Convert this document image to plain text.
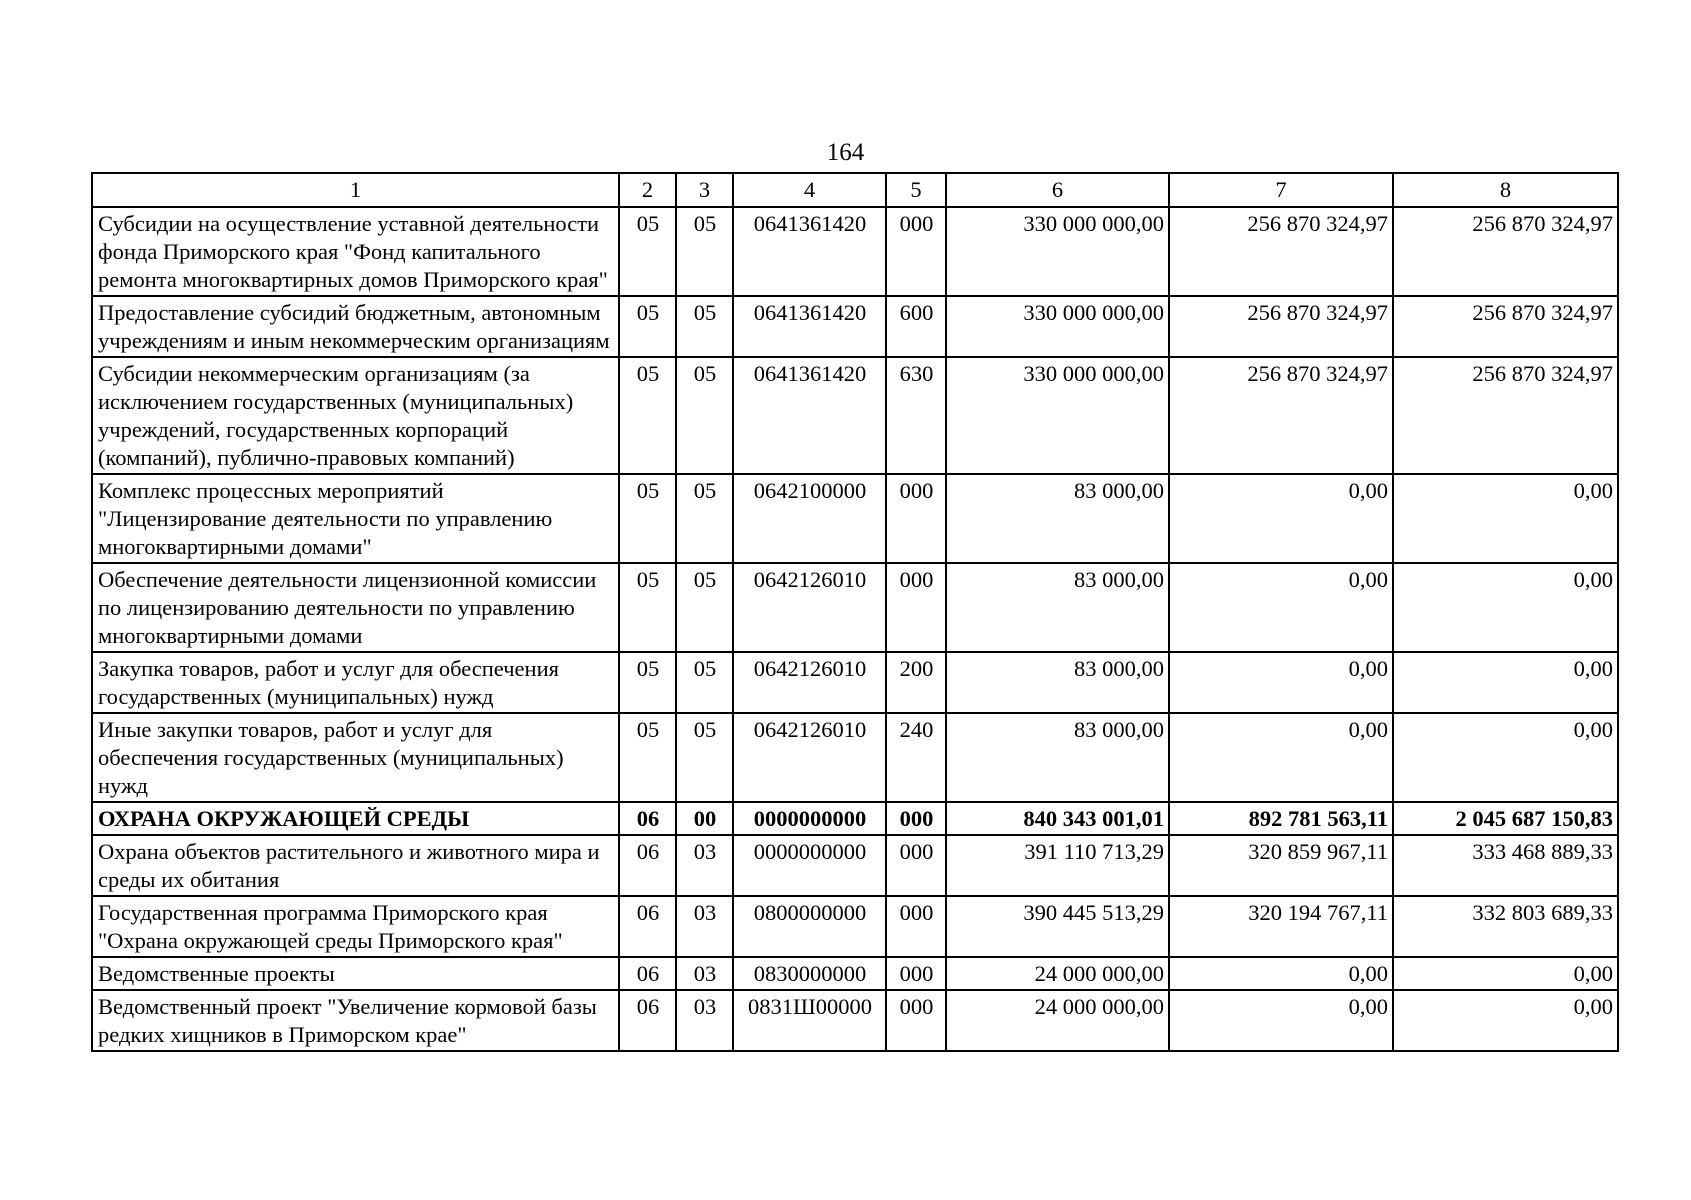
164
1	2	3	4	5	6	7	8
Субсидии на осуществление уставной деятельности фонда Приморского края "Фонд капитального ремонта многоквартирных домов Приморского края"	05	05	0641361420	000	330 000 000,00	256 870 324,97	256 870 324,97
Предоставление субсидий бюджетным, автономным учреждениям и иным некоммерческим организациям	05	05	0641361420	600	330 000 000,00	256 870 324,97	256 870 324,97
Субсидии некоммерческим организациям (за исключением государственных (муниципальных) учреждений, государственных корпораций (компаний), публично-правовых компаний)	05	05	0641361420	630	330 000 000,00	256 870 324,97	256 870 324,97
Комплекс процессных мероприятий "Лицензирование деятельности по управлению многоквартирными домами"	05	05	0642100000	000	83 000,00	0,00	0,00
Обеспечение деятельности лицензионной комиссии по лицензированию деятельности по управлению многоквартирными домами	05	05	0642126010	000	83 000,00	0,00	0,00
Закупка товаров, работ и услуг для обеспечения государственных (муниципальных) нужд	05	05	0642126010	200	83 000,00	0,00	0,00
Иные закупки товаров, работ и услуг для обеспечения государственных (муниципальных) нужд	05	05	0642126010	240	83 000,00	0,00	0,00
ОХРАНА ОКРУЖАЮЩЕЙ СРЕДЫ	06	00	0000000000	000	840 343 001,01	892 781 563,11	2 045 687 150,83
Охрана объектов растительного и животного мира и среды их обитания	06	03	0000000000	000	391 110 713,29	320 859 967,11	333 468 889,33
Государственная программа Приморского края "Охрана окружающей среды Приморского края"	06	03	0800000000	000	390 445 513,29	320 194 767,11	332 803 689,33
Ведомственные проекты	06	03	0830000000	000	24 000 000,00	0,00	0,00
Ведомственный проект "Увеличение кормовой базы редких хищников в Приморском крае"	06	03	0831Ш00000	000	24 000 000,00	0,00	0,00
